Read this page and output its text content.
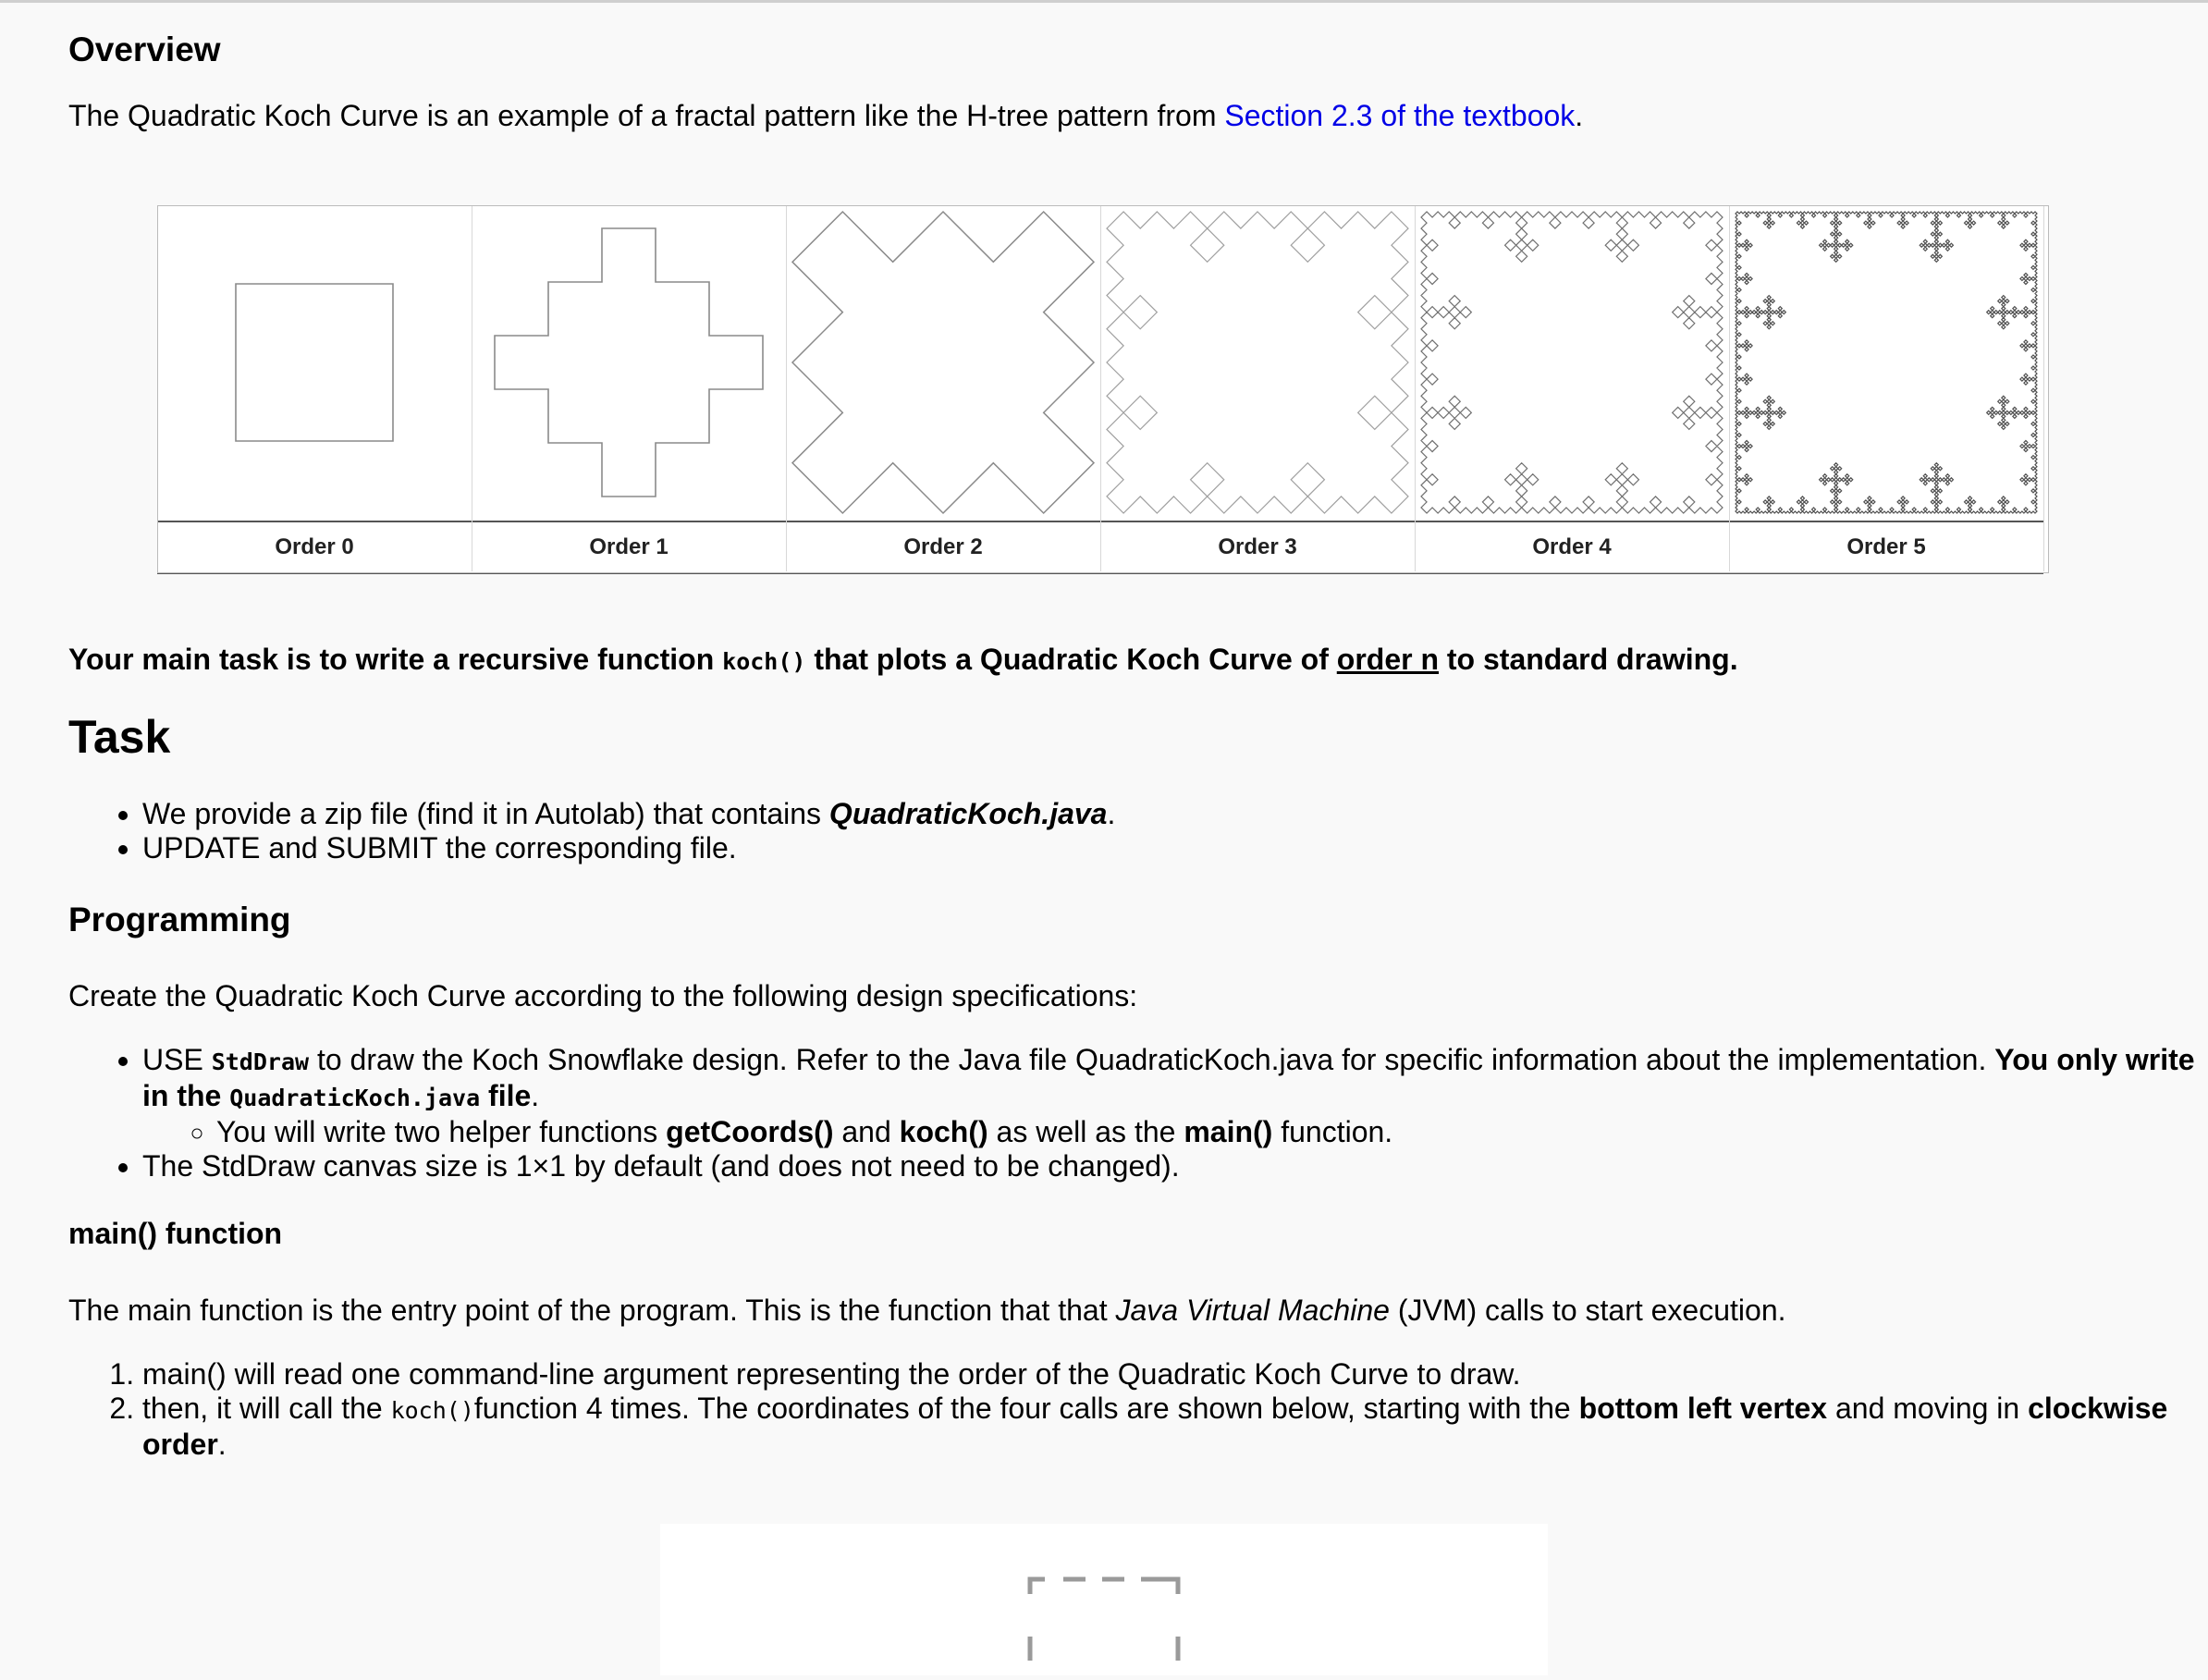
Overview

The Quadratic Koch Curve is an example of a fractal pattern like the H-tree pattern from Section 2.3 of the textbook.

Order 5
Order 4
Order 3
Order 2
Order 1
Order 0
Your main task is to write a recursive function koch() that plots a Quadratic Koch Curve of order n to standard drawing.
Task
• We provide a zip file (find it in Autolab) that contains QuadraticKoch.java.
• UPDATE and SUBMIT the corresponding file.
Programming

Create the Quadratic Koch Curve according to the following design specifications:

• USE StdDraw to draw the Koch Snowflake design. Refer to the Java file QuadraticKoch.java for specific information about the implementation. You only write in the QuadraticKoch.java file.
◦ You will write two helper functions getCoords() and koch() as well as the main() function.
• The StdDraw canvas size is 1×1 by default (and does not need to be changed).
main() function

The main function is the entry point of the program. This is the function that that Java Virtual Machine (JVM) calls to start execution.

1. main() will read one command-line argument representing the order of the Quadratic Koch Curve to draw.
2. then, it will call the koch()function 4 times. The coordinates of the four calls are shown below, starting with the bottom left vertex and moving in clockwise order.
